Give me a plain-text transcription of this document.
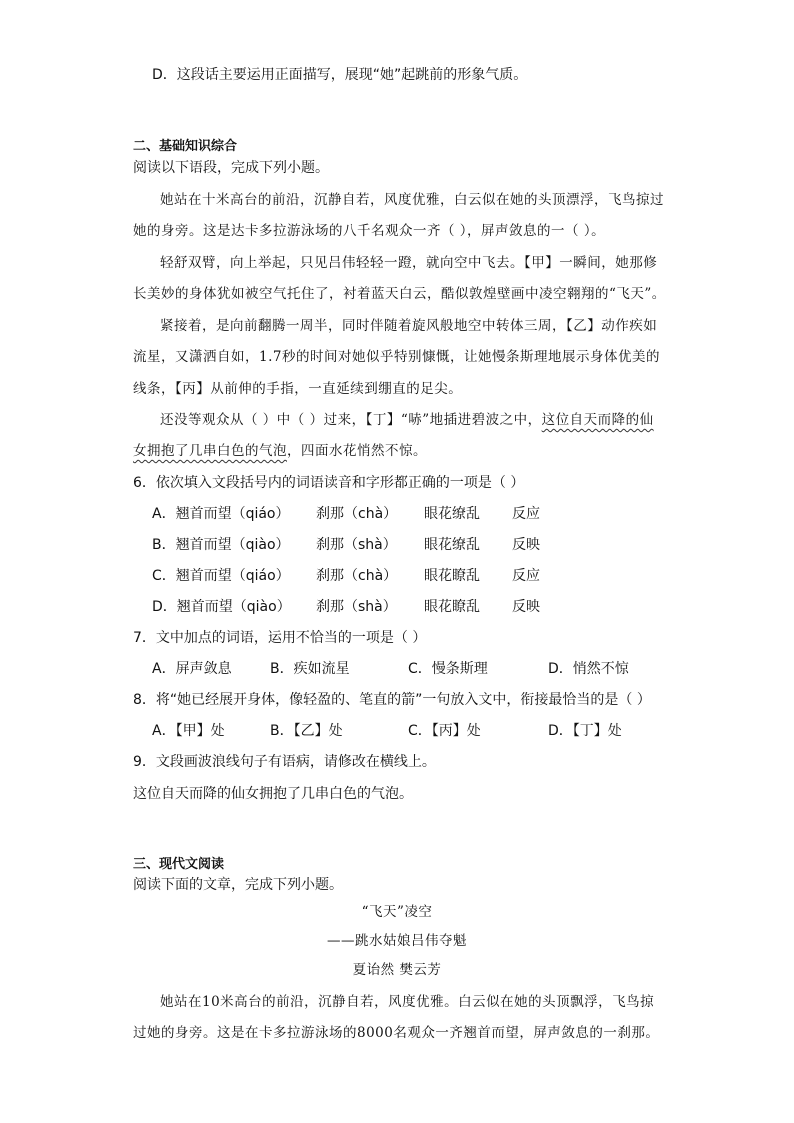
D．这段话主要运用正面描写，展现“她”起跳前的形象气质。
二、基础知识综合
阅读以下语段，完成下列小题。
她站在十米高台的前沿，沉静自若，风度优雅，白云似在她的头顶漂浮，飞鸟掠过
她的身旁。这是达卡多拉游泳场的八千名观众一齐（ ），屏声敛息的一（ ）。
轻舒双臂，向上举起，只见吕伟轻轻一蹬，就向空中飞去。【甲】一瞬间，她那修
长美妙的身体犹如被空气托住了，衬着蓝天白云，酷似敦煌壁画中凌空翱翔的“飞天”。
紧接着，是向前翻腾一周半，同时伴随着旋风般地空中转体三周，【乙】动作疾如
流星，又潇洒自如，1.7秒的时间对她似乎特别慷慨，让她慢条斯理地展示身体优美的
线条，【丙】从前伸的手指，一直延续到绷直的足尖。
还没等观众从（ ）中（ ）过来，【丁】“哧”地插进碧波之中，这位自天而降的仙
女拥抱了几串白色的气泡，四面水花悄然不惊。
6．依次填入文段括号内的词语读音和字形都正确的一项是（ ）
A．翘首而望（qiáo） 刹那（chà） 眼花缭乱 反应
B．翘首而望（qiào） 刹那（shà） 眼花缭乱 反映
C．翘首而望（qiáo） 刹那（chà） 眼花瞭乱 反应
D．翘首而望（qiào） 刹那（shà） 眼花瞭乱 反映
7．文中加点的词语，运用不恰当的一项是（ ）
A．屏声敛息	B．疾如流星	C．慢条斯理	D．悄然不惊
8．将“她已经展开身体，像轻盈的、笔直的箭”一句放入文中，衔接最恰当的是（ ）
A．【甲】处	B．【乙】处	C．【丙】处	D．【丁】处
9．文段画波浪线句子有语病，请修改在横线上。
这位自天而降的仙女拥抱了几串白色的气泡。
三、现代文阅读
阅读下面的文章，完成下列小题。
“飞天”凌空
——跳水姑娘吕伟夺魁
夏诒然 樊云芳
她站在10米高台的前沿，沉静自若，风度优雅。白云似在她的头顶飘浮，飞鸟掠
过她的身旁。这是在卡多拉游泳场的8000名观众一齐翘首而望，屏声敛息的一刹那。
